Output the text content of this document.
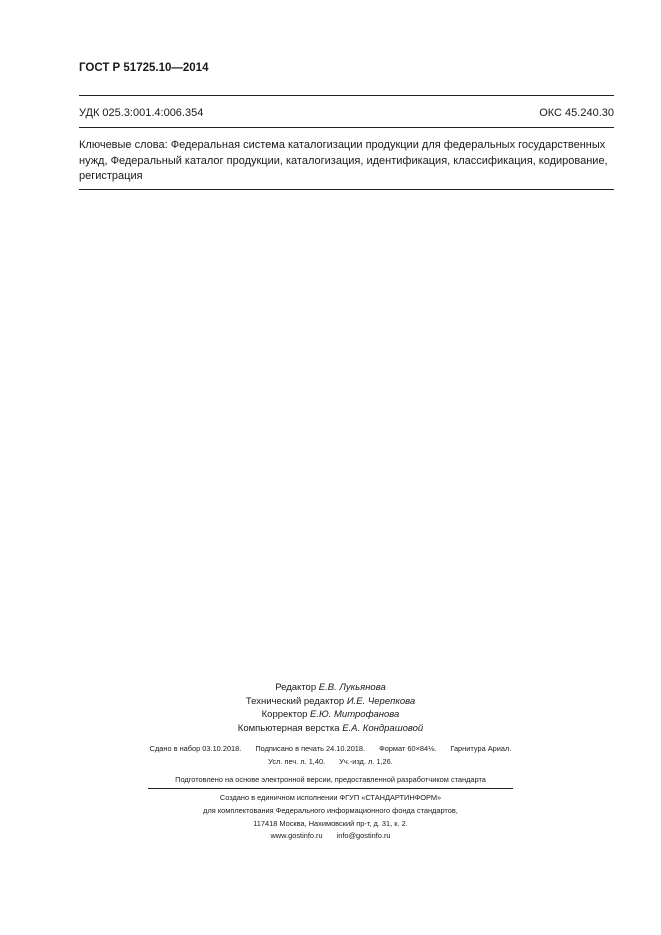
ГОСТ Р 51725.10—2014
УДК 025.3:001.4:006.354	ОКС 45.240.30
Ключевые слова: Федеральная система каталогизации продукции для федеральных государственных нужд, Федеральный каталог продукции, каталогизация, идентификация, классификация, кодирование, регистрация
Редактор Е.В. Лукьянова
Технический редактор И.Е. Черепкова
Корректор Е.Ю. Митрофанова
Компьютерная верстка Е.А. Кондрашовой
Сдано в набор 03.10.2018. Подписано в печать 24.10.2018. Формат 60×84⅛. Гарнитура Ариал.
Усл. печ. л. 1,40. Уч.-изд. л. 1,26.
Подготовлено на основе электронной версии, предоставленной разработчиком стандарта
Создано в единичном исполнении ФГУП «СТАНДАРТИНФОРМ»
для комплектования Федерального информационного фонда стандартов,
117418 Москва, Нахимовский пр-т, д. 31, к. 2.
www.gostinfo.ru info@gostinfo.ru
